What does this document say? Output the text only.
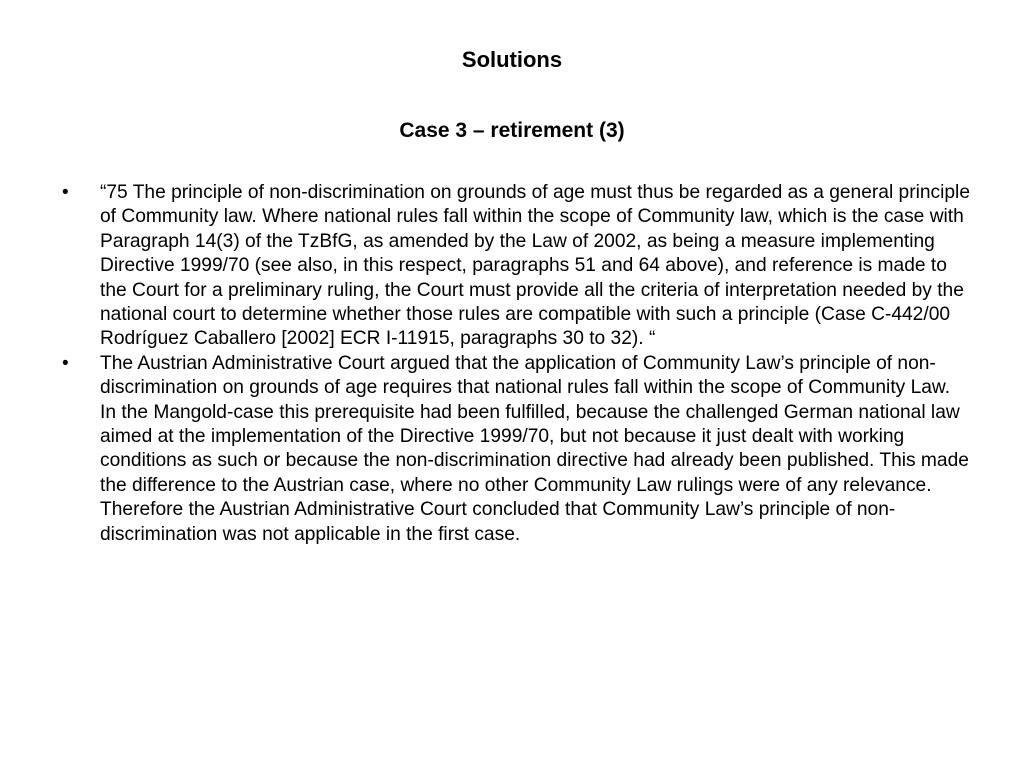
Solutions
Case 3 – retirement (3)
•	“75 The principle of non-discrimination on grounds of age must thus be regarded as a general principle of Community law. Where national rules fall within the scope of Community law, which is the case with Paragraph 14(3) of the TzBfG, as amended by the Law of 2002, as being a measure implementing Directive 1999/70 (see also, in this respect, paragraphs 51 and 64 above), and reference is made to the Court for a preliminary ruling, the Court must provide all the criteria of interpretation needed by the national court to determine whether those rules are compatible with such a principle (Case C-442/00 Rodríguez Caballero [2002] ECR I-11915, paragraphs 30 to 32). “
•	The Austrian Administrative Court argued that the application of Community Law’s principle of non-discrimination on grounds of age requires that national rules fall within the scope of Community Law. In the Mangold-case this prerequisite had been fulfilled, because the challenged German national law aimed at the implementation of the Directive 1999/70, but not because it just dealt with working conditions as such or because the non-discrimination directive had already been published. This made the difference to the Austrian case, where no other Community Law rulings were of any relevance. Therefore the Austrian Administrative Court concluded that Community Law’s principle of non-discrimination was not applicable in the first case.
